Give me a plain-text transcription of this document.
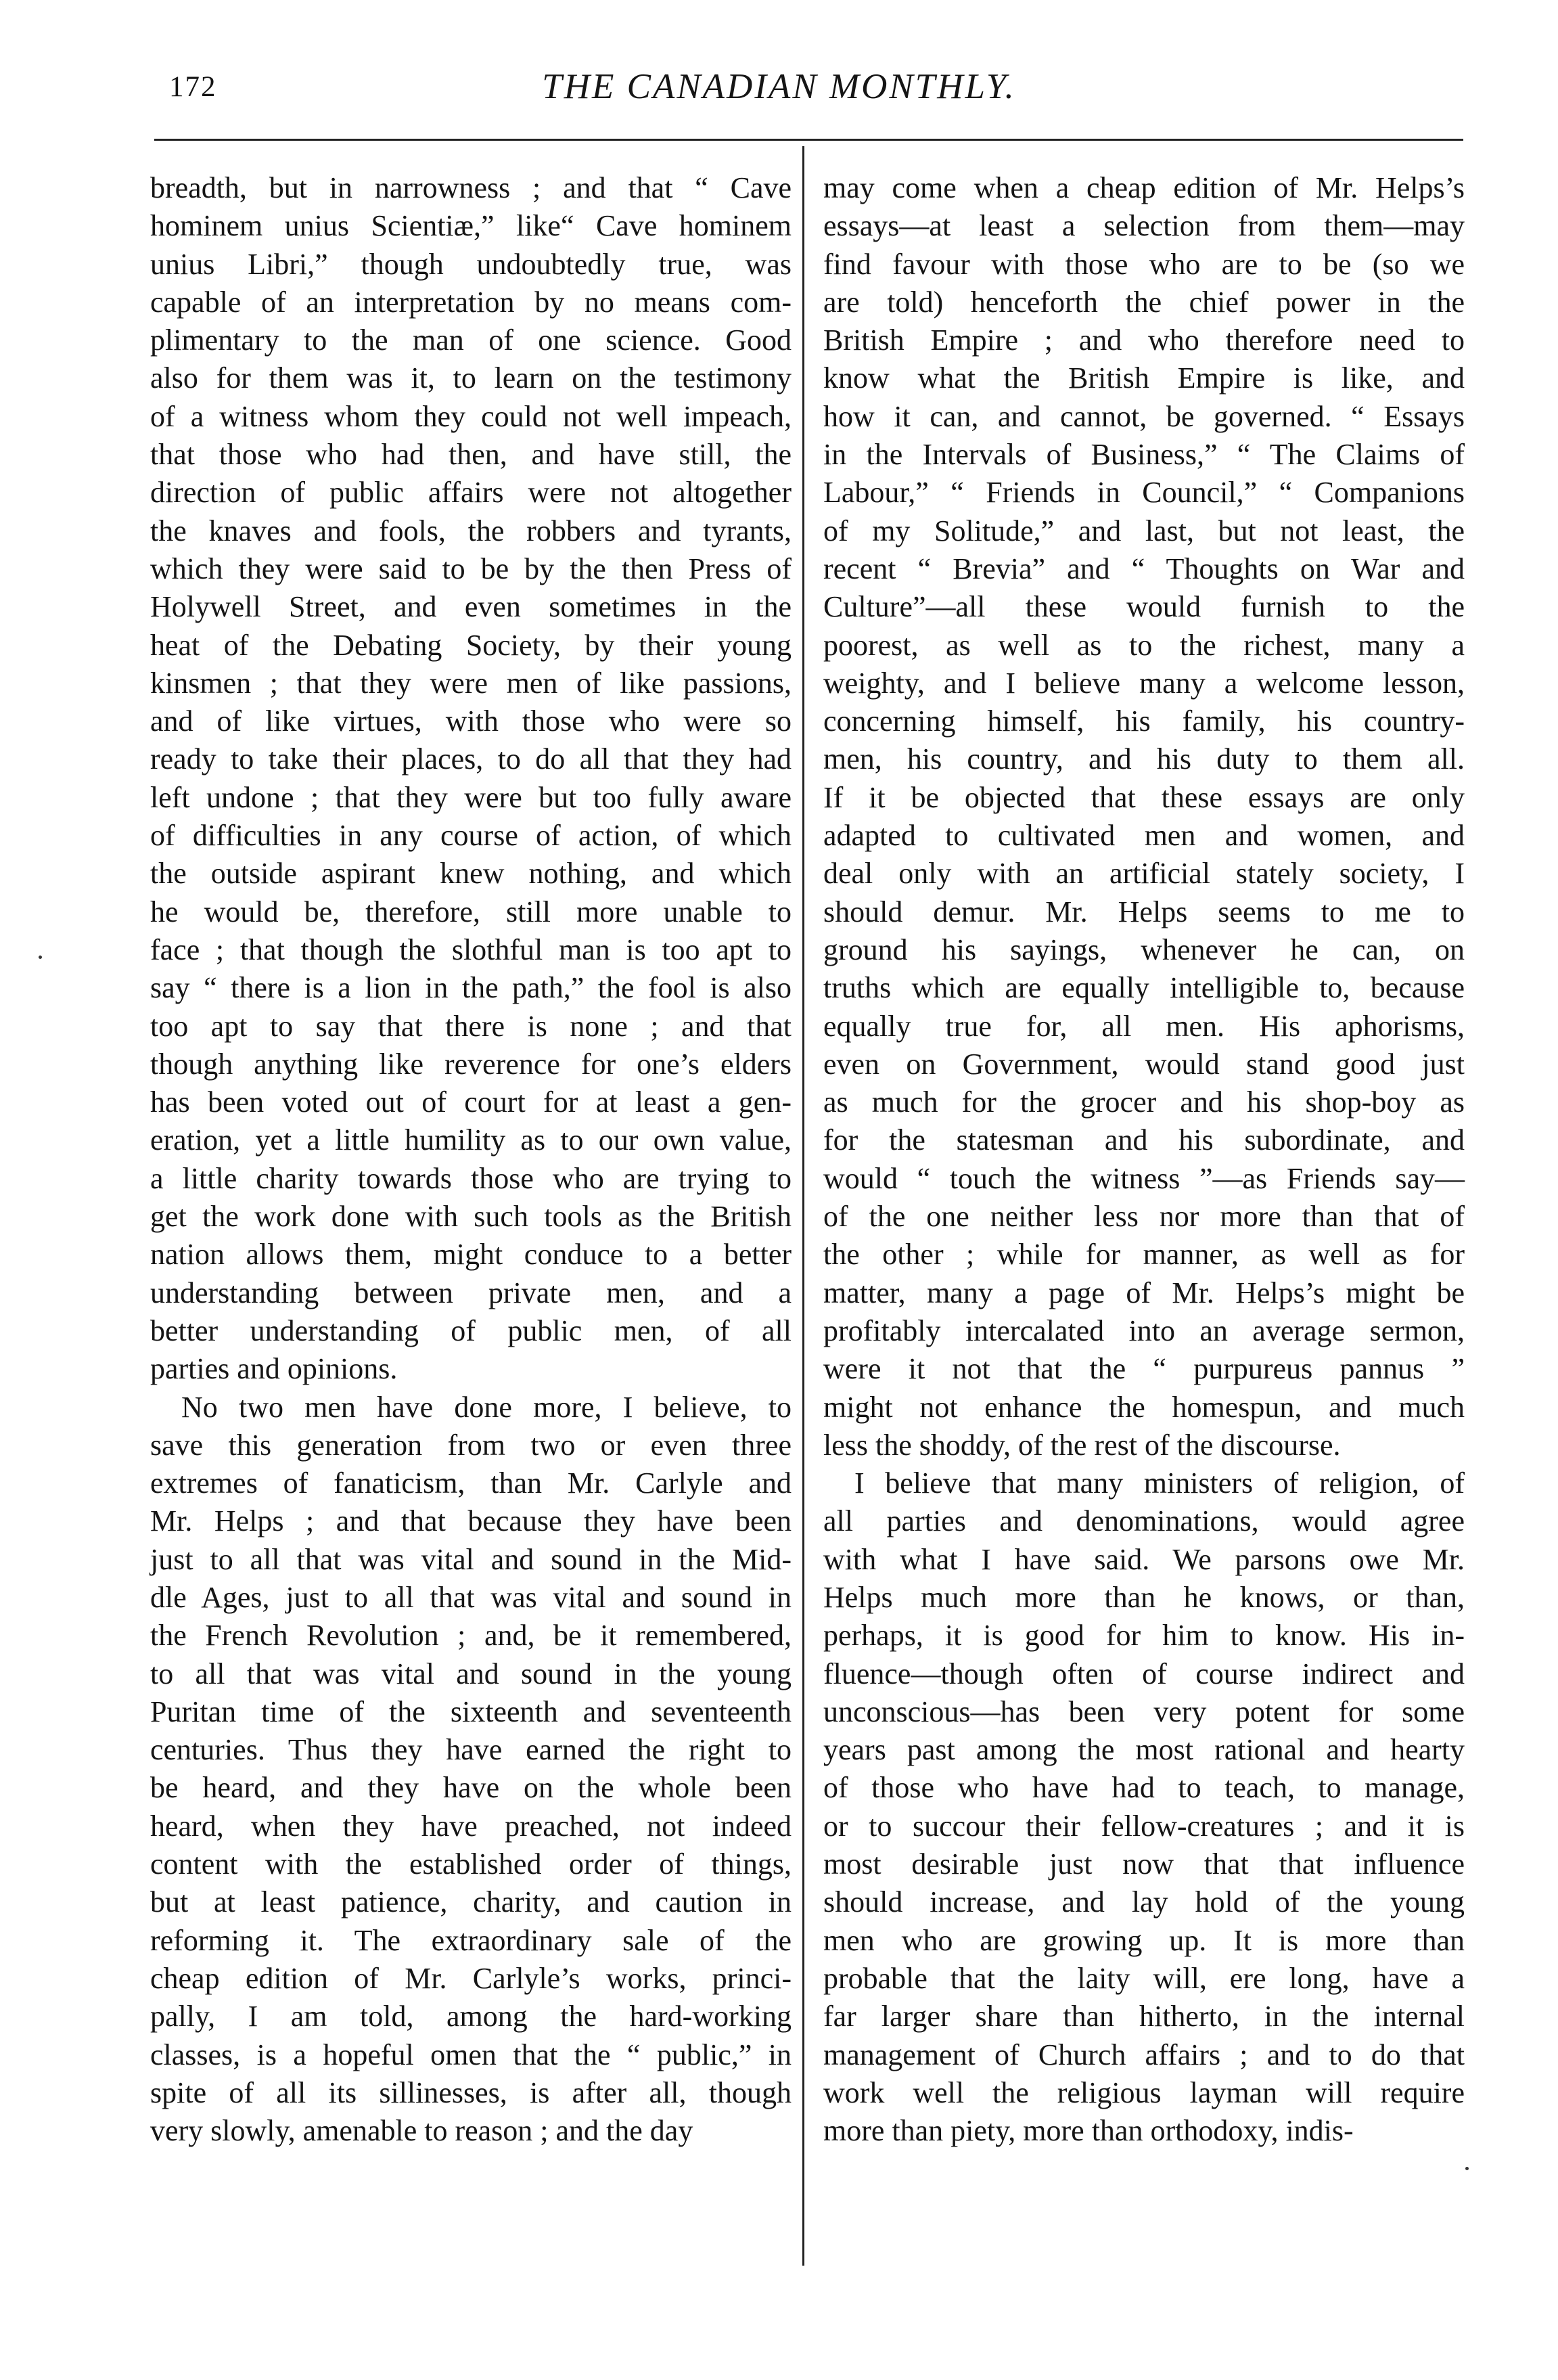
172	THE CANADIAN MONTHLY.
breadth, but in narrowness ; and that “ Cave
hominem unius Scientiæ,” like“ Cave hominem
unius Libri,” though undoubtedly true, was
capable of an interpretation by no means com-
plimentary to the man of one science. Good
also for them was it, to learn on the testimony
of a witness whom they could not well impeach,
that those who had then, and have still, the
direction of public affairs were not altogether
the knaves and fools, the robbers and tyrants,
which they were said to be by the then Press of
Holywell Street, and even sometimes in the
heat of the Debating Society, by their young
kinsmen ; that they were men of like passions,
and of like virtues, with those who were so
ready to take their places, to do all that they had
left undone ; that they were but too fully aware
of difficulties in any course of action, of which
the outside aspirant knew nothing, and which
he would be, therefore, still more unable to
face ; that though the slothful man is too apt to
say “ there is a lion in the path,” the fool is also
too apt to say that there is none ; and that
though anything like reverence for one’s elders
has been voted out of court for at least a gen-
eration, yet a little humility as to our own value,
a little charity towards those who are trying to
get the work done with such tools as the British
nation allows them, might conduce to a better
understanding between private men, and a
better understanding of public men, of all
parties and opinions.
No two men have done more, I believe, to
save this generation from two or even three
extremes of fanaticism, than Mr. Carlyle and
Mr. Helps ; and that because they have been
just to all that was vital and sound in the Mid-
dle Ages, just to all that was vital and sound in
the French Revolution ; and, be it remembered,
to all that was vital and sound in the young
Puritan time of the sixteenth and seventeenth
centuries. Thus they have earned the right to
be heard, and they have on the whole been
heard, when they have preached, not indeed
content with the established order of things,
but at least patience, charity, and caution in
reforming it. The extraordinary sale of the
cheap edition of Mr. Carlyle’s works, princi-
pally, I am told, among the hard-working
classes, is a hopeful omen that the “ public,” in
spite of all its sillinesses, is after all, though
very slowly, amenable to reason ; and the day
may come when a cheap edition of Mr. Helps’s
essays—at least a selection from them—may
find favour with those who are to be (so we
are told) henceforth the chief power in the
British Empire ; and who therefore need to
know what the British Empire is like, and
how it can, and cannot, be governed. “ Essays
in the Intervals of Business,” “ The Claims of
Labour,” “ Friends in Council,” “ Companions
of my Solitude,” and last, but not least, the
recent “ Brevia” and “ Thoughts on War and
Culture”—all these would furnish to the
poorest, as well as to the richest, many a
weighty, and I believe many a welcome lesson,
concerning himself, his family, his country-
men, his country, and his duty to them all.
If it be objected that these essays are only
adapted to cultivated men and women, and
deal only with an artificial stately society, I
should demur. Mr. Helps seems to me to
ground his sayings, whenever he can, on
truths which are equally intelligible to, because
equally true for, all men. His aphorisms,
even on Government, would stand good just
as much for the grocer and his shop-boy as
for the statesman and his subordinate, and
would “ touch the witness ”—as Friends say—
of the one neither less nor more than that of
the other ; while for manner, as well as for
matter, many a page of Mr. Helps’s might be
profitably intercalated into an average sermon,
were it not that the “ purpureus pannus ”
might not enhance the homespun, and much
less the shoddy, of the rest of the discourse.
I believe that many ministers of religion, of
all parties and denominations, would agree
with what I have said. We parsons owe Mr.
Helps much more than he knows, or than,
perhaps, it is good for him to know. His in-
fluence—though often of course indirect and
unconscious—has been very potent for some
years past among the most rational and hearty
of those who have had to teach, to manage,
or to succour their fellow-creatures ; and it is
most desirable just now that that influence
should increase, and lay hold of the young
men who are growing up. It is more than
probable that the laity will, ere long, have a
far larger share than hitherto, in the internal
management of Church affairs ; and to do that
work well the religious layman will require
more than piety, more than orthodoxy, indis-
